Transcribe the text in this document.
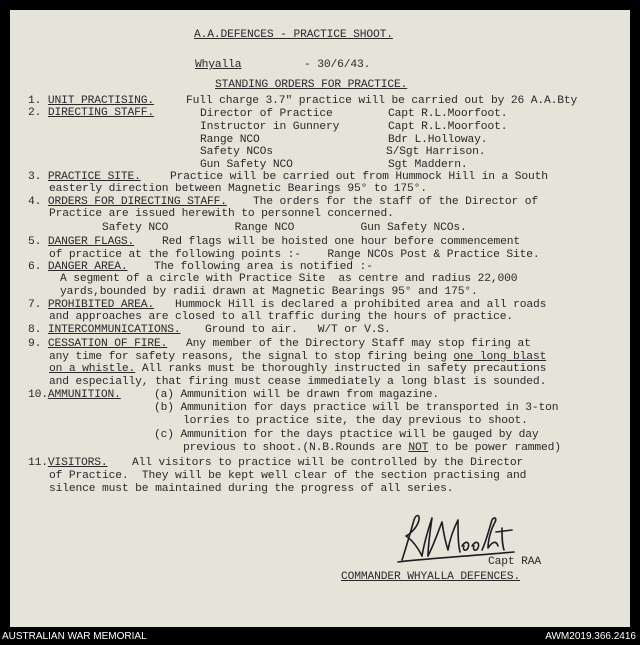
A.A.DEFENCES - PRACTICE SHOOT.
Whyalla	- 30/6/43.
STANDING ORDERS FOR PRACTICE.
1. UNIT PRACTISING.	Full charge 3.7" practice will be carried out by 26 A.A.Bty
2. DIRECTING STAFF.	Director of Practice	Capt R.L.Moorfoot.
Instructor in Gunnery	Capt R.L.Moorfoot.
Range NCO	Bdr L.Holloway.
Safety NCOs	S/Sgt Harrison.
Gun Safety NCO	Sgt Maddern.
3. PRACTICE SITE.	Practice will be carried out from Hummock Hill in a South
easterly direction between Magnetic Bearings 95° to 175°.
4. ORDERS FOR DIRECTING STAFF. The orders for the staff of the Director of
Practice are issued herewith to personnel concerned.
Safety NCO          Range NCO          Gun Safety NCOs.
5. DANGER FLAGS. Red flags will be hoisted one hour before commencement
of practice at the following points :-    Range NCOs Post & Practice Site.
6. DANGER AREA. The following area is notified :-
A segment of a circle with Practice Site  as centre and radius 22,000
yards,bounded by radii drawn at Magnetic Bearings 95° and 175°.
7. PROHIBITED AREA. Hummock Hill is declared a prohibited area and all roads
and approaches are closed to all traffic during the hours of practice.
8. INTERCOMMUNICATIONS. Ground to air.   W/T or V.S.
9. CESSATION OF FIRE. Any member of the Directory Staff may stop firing at
any time for safety reasons, the signal to stop firing being one long blast
on a whistle. All ranks must be thoroughly instructed in safety precautions
and especially, that firing must cease immediately a long blast is sounded.
10.AMMUNITION.	(a) Ammunition will be drawn from magazine.
(b) Ammunition for days practice will be transported in 3-ton
lorries to practice site, the day previous to shoot.
(c) Ammunition for the days ptactice will be gauged by day
previous to shoot.(N.B.Rounds are NOT to be power rammed)
11.VISITORS. All visitors to practice will be controlled by the Director
of Practice.  They will be kept well clear of the section practising and
silence must be maintained during the progress of all series.
Capt RAA
COMMANDER WHYALLA DEFENCES.
AUSTRALIAN WAR MEMORIAL	AWM2019.366.2416
